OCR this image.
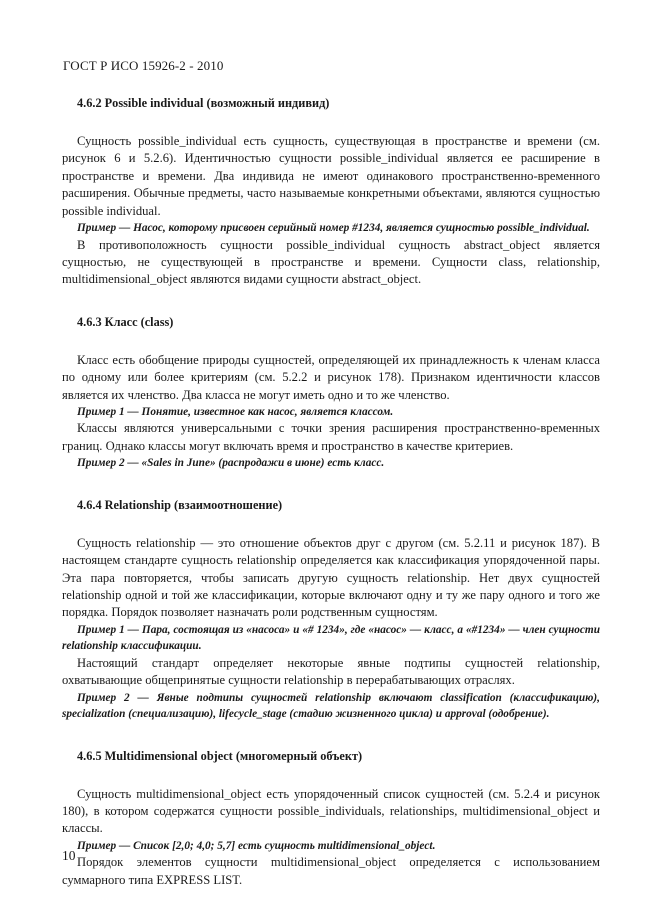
ГОСТ Р ИСО 15926-2 - 2010
4.6.2 Possible individual (возможный индивид)

Сущность possible_individual есть сущность, существующая в пространстве и времени (см. рисунок 6 и 5.2.6). Идентичностью сущности possible_individual является ее расширение в пространстве и времени. Два индивида не имеют одинакового пространственно-временного расширения. Обычные предметы, часто называемые конкретными объектами, являются сущностью possible individual.

Пример — Насос, которому присвоен серийный номер #1234, является сущностью possible_individual.

В противоположность сущности possible_individual сущность abstract_object является сущностью, не существующей в пространстве и времени. Сущности class, relationship, multidimensional_object являются видами сущности abstract_object.

4.6.3 Класс (class)

Класс есть обобщение природы сущностей, определяющей их принадлежность к членам класса по одному или более критериям (см. 5.2.2 и рисунок 178). Признаком идентичности классов является их членство. Два класса не могут иметь одно и то же членство.

Пример 1 — Понятие, известное как насос, является классом.

Классы являются универсальными с точки зрения расширения пространственно-временных границ. Однако классы могут включать время и пространство в качестве критериев.

Пример 2 — «Sales in June» (распродажи в июне) есть класс.

4.6.4 Relationship (взаимоотношение)

Сущность relationship — это отношение объектов друг с другом (см. 5.2.11 и рисунок 187). В настоящем стандарте сущность relationship определяется как классификация упорядоченной пары. Эта пара повторяется, чтобы записать другую сущность relationship. Нет двух сущностей relationship одной и той же классификации, которые включают одну и ту же пару одного и того же порядка. Порядок позволяет назначать роли родственным сущностям.

Пример 1 — Пара, состоящая из «насоса» и «# 1234», где «насос» — класс, а «#1234» — член сущности relationship классификации.

Настоящий стандарт определяет некоторые явные подтипы сущностей relationship, охватывающие общепринятые сущности relationship в перерабатывающих отраслях.

Пример 2 — Явные подтипы сущностей relationship включают classification (классификацию), specialization (специализацию), lifecycle_stage (стадию жизненного цикла) и approval (одобрение).

4.6.5 Multidimensional object (многомерный объект)

Сущность multidimensional_object есть упорядоченный список сущностей (см. 5.2.4 и рисунок 180), в котором содержатся сущности possible_individuals, relationships, multidimensional_object и классы.

Пример — Список [2,0; 4,0; 5,7] есть сущность multidimensional_object.

Порядок элементов сущности multidimensional_object определяется с использованием суммарного типа EXPRESS LIST.

10
